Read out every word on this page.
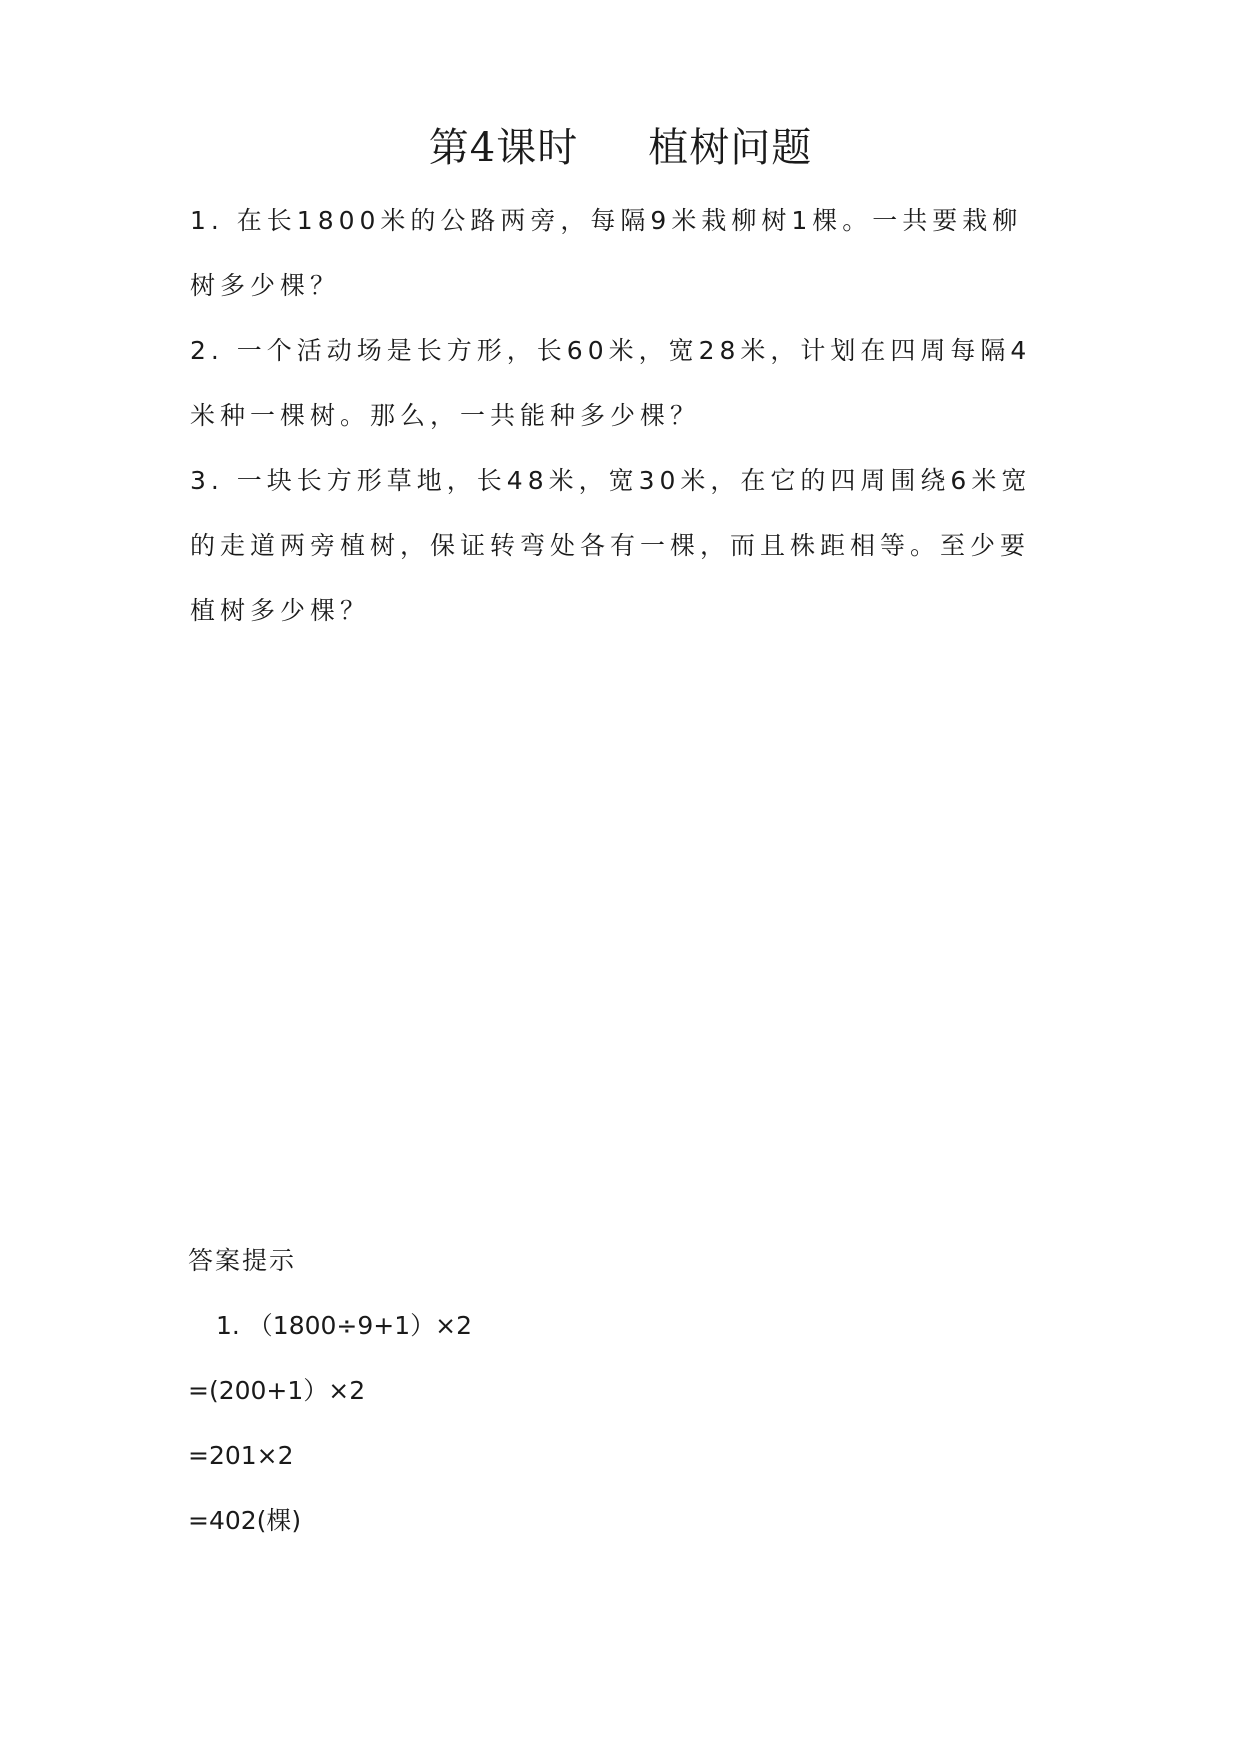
第4课时 植树问题

1. 在长1800米的公路两旁，每隔9米栽柳树1棵。一共要栽柳树多少棵？

2. 一个活动场是长方形，长60米，宽28米，计划在四周每隔4米种一棵树。那么，一共能种多少棵？

3. 一块长方形草地，长48米，宽30米，在它的四周围绕6米宽的走道两旁植树，保证转弯处各有一棵，而且株距相等。至少要植树多少棵？

答案提示

1. （1800÷9+1）×2

=(200+1）×2

=201×2

=402(棵)
